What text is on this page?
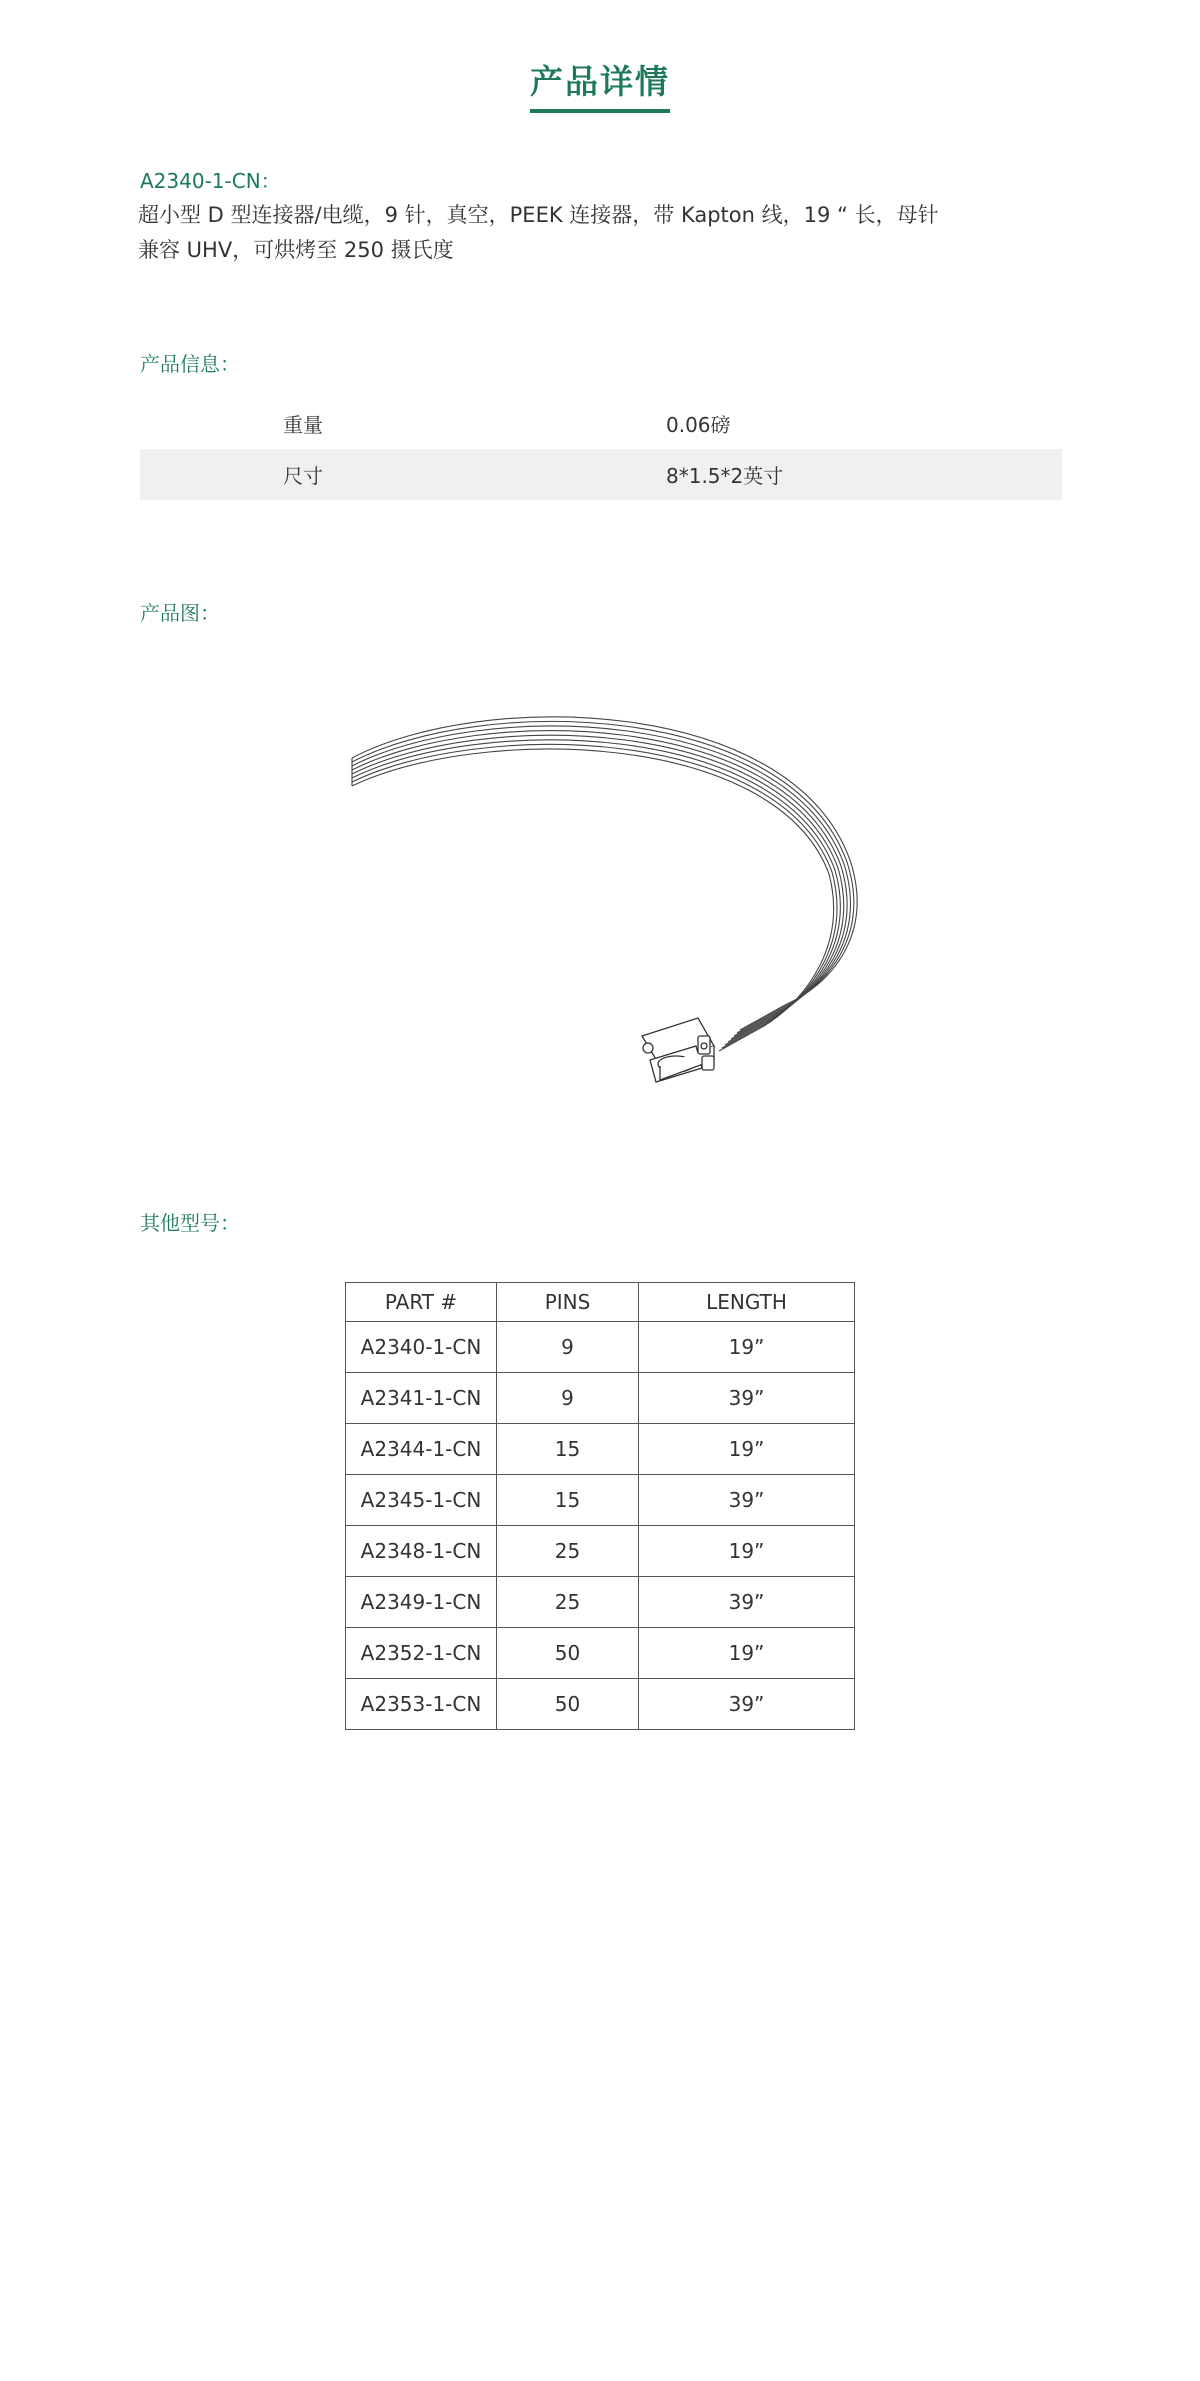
产品详情
A2340-1-CN：
超小型 D 型连接器/电缆，9 针，真空，PEEK 连接器，带 Kapton 线，19 “ 长，母针
兼容 UHV，可烘烤至 250 摄氏度
产品信息：
重量	0.06磅
尺寸	8*1.5*2英寸
产品图：
其他型号：
PART #	PINS	LENGTH
A2340-1-CN	9	19”
A2341-1-CN	9	39”
A2344-1-CN	15	19”
A2345-1-CN	15	39”
A2348-1-CN	25	19”
A2349-1-CN	25	39”
A2352-1-CN	50	19”
A2353-1-CN	50	39”
